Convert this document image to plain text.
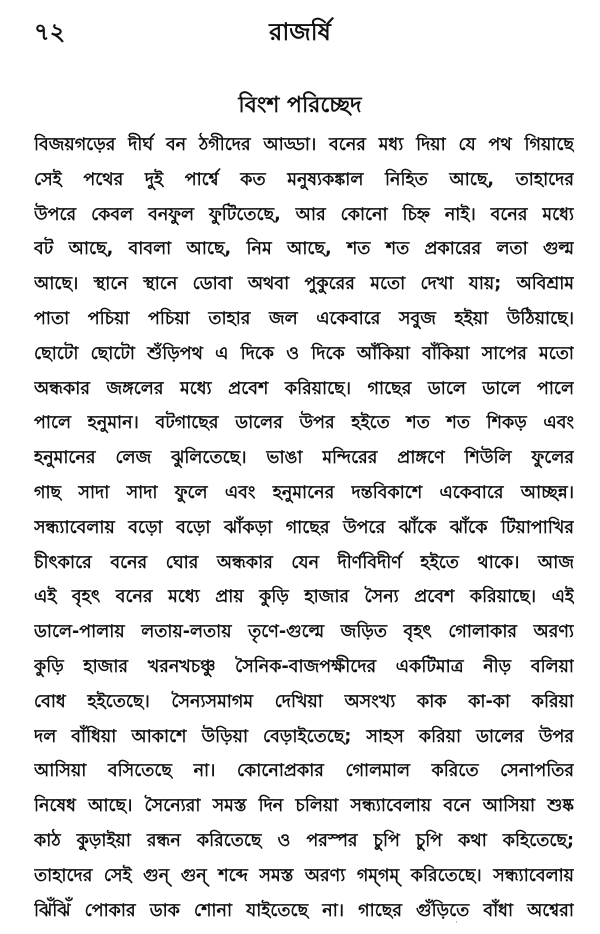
৭২	রাজর্ষি
বিংশ পরিচ্ছেদ
বিজয়গড়ের দীর্ঘ বন ঠগীদের আড্ডা। বনের মধ্য দিয়া যে পথ গিয়াছে
সেই পথের দুই পার্শ্বে কত মনুষ্যকঙ্কাল নিহিত আছে, তাহাদের
উপরে কেবল বনফুল ফুটিতেছে, আর কোনো চিহ্ন নাই। বনের মধ্যে
বট আছে, বাবলা আছে, নিম আছে, শত শত প্রকারের লতা গুল্ম
আছে। স্থানে স্থানে ডোবা অথবা পুকুরের মতো দেখা যায়; অবিশ্রাম
পাতা পচিয়া পচিয়া তাহার জল একেবারে সবুজ হইয়া উঠিয়াছে।
ছোটো ছোটো শুঁড়িপথ এ দিকে ও দিকে আঁকিয়া বাঁকিয়া সাপের মতো
অন্ধকার জঙ্গলের মধ্যে প্রবেশ করিয়াছে। গাছের ডালে ডালে পালে
পালে হনুমান। বটগাছের ডালের উপর হইতে শত শত শিকড় এবং
হনুমানের লেজ ঝুলিতেছে। ভাঙা মন্দিরের প্রাঙ্গণে শিউলি ফুলের
গাছ সাদা সাদা ফুলে এবং হনুমানের দন্তবিকাশে একেবারে আচ্ছন্ন।
সন্ধ্যাবেলায় বড়ো বড়ো ঝাঁকড়া গাছের উপরে ঝাঁকে ঝাঁকে টিয়াপাখির
চীৎকারে বনের ঘোর অন্ধকার যেন দীর্ণবিদীর্ণ হইতে থাকে। আজ
এই বৃহৎ বনের মধ্যে প্রায় কুড়ি হাজার সৈন্য প্রবেশ করিয়াছে। এই
ডালে-পালায় লতায়-লতায় তৃণে-গুল্মে জড়িত বৃহৎ গোলাকার অরণ্য
কুড়ি হাজার খরনখচঞ্চু সৈনিক-বাজপক্ষীদের একটিমাত্র নীড় বলিয়া
বোধ হইতেছে। সৈন্যসমাগম দেখিয়া অসংখ্য কাক কা-কা করিয়া
দল বাঁধিয়া আকাশে উড়িয়া বেড়াইতেছে; সাহস করিয়া ডালের উপর
আসিয়া বসিতেছে না। কোনোপ্রকার গোলমাল করিতে সেনাপতির
নিষেধ আছে। সৈন্যেরা সমস্ত দিন চলিয়া সন্ধ্যাবেলায় বনে আসিয়া শুষ্ক
কাঠ কুড়াইয়া রন্ধন করিতেছে ও পরস্পর চুপি চুপি কথা কহিতেছে;
তাহাদের সেই গুন্ গুন্ শব্দে সমস্ত অরণ্য গম্‌গম্ করিতেছে। সন্ধ্যাবেলায়
ঝিঁঝিঁ পোকার ডাক শোনা যাইতেছে না। গাছের গুঁড়িতে বাঁধা অশ্বেরা
·
